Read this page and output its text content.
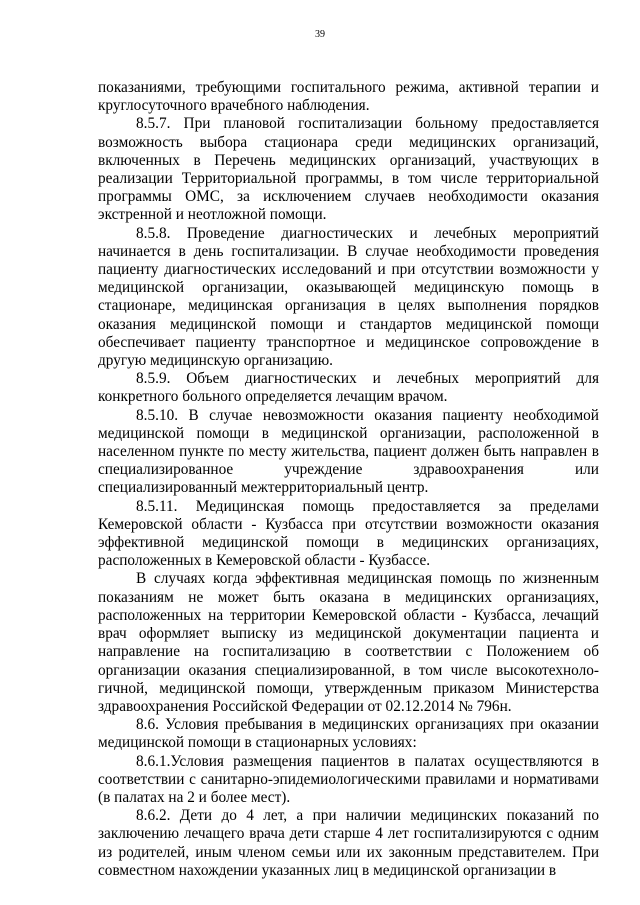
39

показаниями, требующими госпитального режима, активной терапии и круглосуточного врачебного наблюдения.

8.5.7. При плановой госпитализации больному предоставляется возможность выбора стационара среди медицинских организаций, включенных в Перечень медицинских организаций, участвующих в реализации Территориальной программы, в том числе территориальной программы ОМС, за исключением случаев необходимости оказания экстренной и неотложной помощи.

8.5.8. Проведение диагностических и лечебных мероприятий начинается в день госпитализации. В случае необходимости проведения пациенту диагностических исследований и при отсутствии возможности у медицинской организации, оказывающей медицинскую помощь в стационаре, медицинская организация в целях выполнения порядков оказания медицинской помощи и стандартов медицинской помощи обеспечивает пациенту транспортное и медицинское сопровождение в другую медицинскую организацию.

8.5.9. Объем диагностических и лечебных мероприятий для конкретного больного определяется лечащим врачом.

8.5.10. В случае невозможности оказания пациенту необходимой медицинской помощи в медицинской организации, расположенной в населенном пункте по месту жительства, пациент должен быть направлен в специализированное учреждение здравоохранения или специализированный межтерриториальный центр.

8.5.11. Медицинская помощь предоставляется за пределами Кемеровской области - Кузбасса при отсутствии возможности оказания эффективной медицинской помощи в медицинских организациях, расположенных в Кемеровской области - Кузбассе.

В случаях когда эффективная медицинская помощь по жизненным показаниям не может быть оказана в медицинских организациях, расположенных на территории Кемеровской области - Кузбасса, лечащий врач оформляет выписку из медицинской документации пациента и направление на госпитализацию в соответствии с Положением об организации оказания специализированной, в том числе высокотехнологичной, медицинской помощи, утвержденным приказом Министерства здравоохранения Российской Федерации от 02.12.2014 № 796н.

8.6. Условия пребывания в медицинских организациях при оказании медицинской помощи в стационарных условиях:

8.6.1.Условия размещения пациентов в палатах осуществляются в соответствии с санитарно-эпидемиологическими правилами и нормативами (в палатах на 2 и более мест).

8.6.2. Дети до 4 лет, а при наличии медицинских показаний по заключению лечащего врача дети старше 4 лет госпитализируются с одним из родителей, иным членом семьи или их законным представителем. При совместном нахождении указанных лиц в медицинской организации в
